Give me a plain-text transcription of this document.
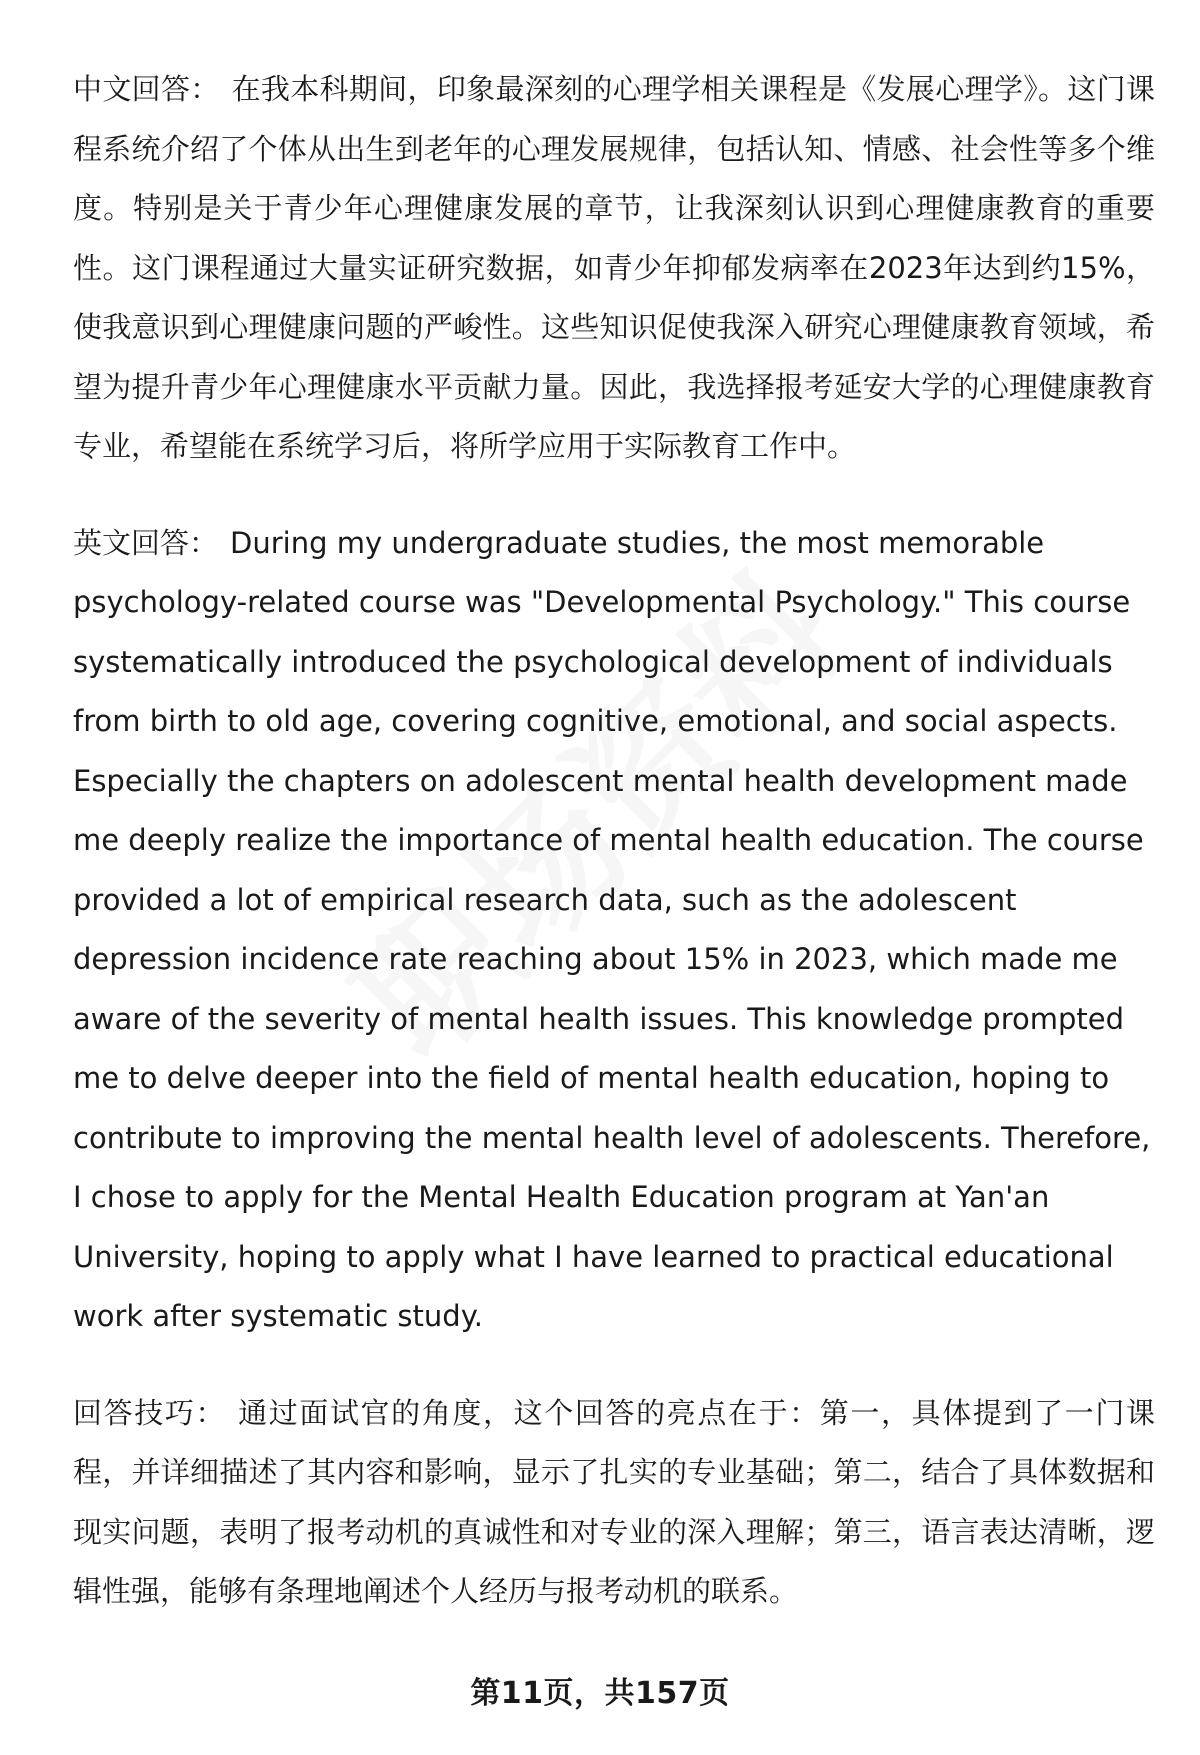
中文回答： 在我本科期间，印象最深刻的心理学相关课程是《发展心理学》。这门课程系统介绍了个体从出生到老年的心理发展规律，包括认知、情感、社会性等多个维度。特别是关于青少年心理健康发展的章节，让我深刻认识到心理健康教育的重要性。这门课程通过大量实证研究数据，如青少年抑郁发病率在2023年达到约15%，使我意识到心理健康问题的严峻性。这些知识促使我深入研究心理健康教育领域，希望为提升青少年心理健康水平贡献力量。因此，我选择报考延安大学的心理健康教育专业，希望能在系统学习后，将所学应用于实际教育工作中。

英文回答： During my undergraduate studies, the most memorable psychology-related course was "Developmental Psychology." This course systematically introduced the psychological development of individuals from birth to old age, covering cognitive, emotional, and social aspects. Especially the chapters on adolescent mental health development made me deeply realize the importance of mental health education. The course provided a lot of empirical research data, such as the adolescent depression incidence rate reaching about 15% in 2023, which made me aware of the severity of mental health issues. This knowledge prompted me to delve deeper into the field of mental health education, hoping to contribute to improving the mental health level of adolescents. Therefore, I chose to apply for the Mental Health Education program at Yan'an University, hoping to apply what I have learned to practical educational work after systematic study.

回答技巧： 通过面试官的角度，这个回答的亮点在于：第一，具体提到了一门课程，并详细描述了其内容和影响，显示了扎实的专业基础；第二，结合了具体数据和现实问题，表明了报考动机的真诚性和对专业的深入理解；第三，语言表达清晰，逻辑性强，能够有条理地阐述个人经历与报考动机的联系。

第11页，共157页
